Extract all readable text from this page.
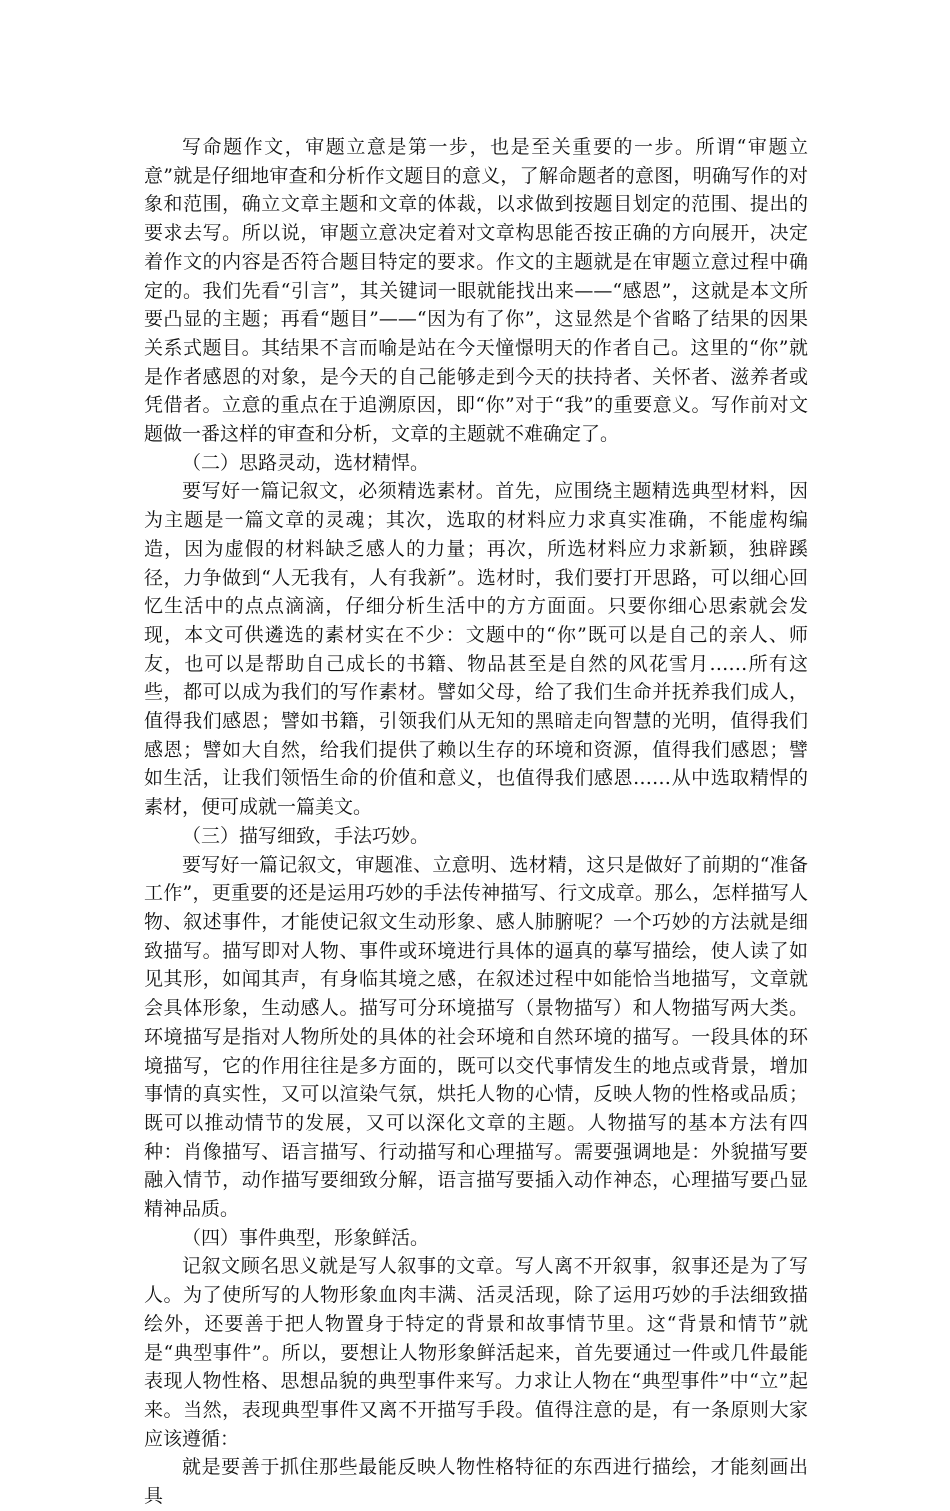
写命题作文，审题立意是第一步，也是至关重要的一步。所谓“审题立意”就是仔细地审查和分析作文题目的意义，了解命题者的意图，明确写作的对象和范围，确立文章主题和文章的体裁，以求做到按题目划定的范围、提出的要求去写。所以说，审题立意决定着对文章构思能否按正确的方向展开，决定着作文的内容是否符合题目特定的要求。作文的主题就是在审题立意过程中确定的。我们先看“引言”，其关键词一眼就能找出来——“感恩”，这就是本文所要凸显的主题；再看“题目”——“因为有了你”，这显然是个省略了结果的因果关系式题目。其结果不言而喻是站在今天憧憬明天的作者自己。这里的“你”就是作者感恩的对象，是今天的自己能够走到今天的扶持者、关怀者、滋养者或凭借者。立意的重点在于追溯原因，即“你”对于“我”的重要意义。写作前对文题做一番这样的审查和分析，文章的主题就不难确定了。

（二）思路灵动，选材精悍。

要写好一篇记叙文，必须精选素材。首先，应围绕主题精选典型材料，因为主题是一篇文章的灵魂；其次，选取的材料应力求真实准确，不能虚构编造，因为虚假的材料缺乏感人的力量；再次，所选材料应力求新颖，独辟蹊径，力争做到“人无我有，人有我新”。选材时，我们要打开思路，可以细心回忆生活中的点点滴滴，仔细分析生活中的方方面面。只要你细心思索就会发现，本文可供遴选的素材实在不少：文题中的“你”既可以是自己的亲人、师友，也可以是帮助自己成长的书籍、物品甚至是自然的风花雪月……所有这些，都可以成为我们的写作素材。譬如父母，给了我们生命并抚养我们成人，值得我们感恩；譬如书籍，引领我们从无知的黑暗走向智慧的光明，值得我们感恩；譬如大自然，给我们提供了赖以生存的环境和资源，值得我们感恩；譬如生活，让我们领悟生命的价值和意义，也值得我们感恩……从中选取精悍的素材，便可成就一篇美文。

（三）描写细致，手法巧妙。

要写好一篇记叙文，审题准、立意明、选材精，这只是做好了前期的“准备工作”，更重要的还是运用巧妙的手法传神描写、行文成章。那么，怎样描写人物、叙述事件，才能使记叙文生动形象、感人肺腑呢？一个巧妙的方法就是细致描写。描写即对人物、事件或环境进行具体的逼真的摹写描绘，使人读了如见其形，如闻其声，有身临其境之感，在叙述过程中如能恰当地描写，文章就会具体形象，生动感人。描写可分环境描写（景物描写）和人物描写两大类。环境描写是指对人物所处的具体的社会环境和自然环境的描写。一段具体的环境描写，它的作用往往是多方面的，既可以交代事情发生的地点或背景，增加事情的真实性，又可以渲染气氛，烘托人物的心情，反映人物的性格或品质；既可以推动情节的发展，又可以深化文章的主题。人物描写的基本方法有四种：肖像描写、语言描写、行动描写和心理描写。需要强调地是：外貌描写要融入情节，动作描写要细致分解，语言描写要插入动作神态，心理描写要凸显精神品质。

（四）事件典型，形象鲜活。

记叙文顾名思义就是写人叙事的文章。写人离不开叙事，叙事还是为了写人。为了使所写的人物形象血肉丰满、活灵活现，除了运用巧妙的手法细致描绘外，还要善于把人物置身于特定的背景和故事情节里。这“背景和情节”就是“典型事件”。所以，要想让人物形象鲜活起来，首先要通过一件或几件最能表现人物性格、思想品貌的典型事件来写。力求让人物在“典型事件”中“立”起来。当然，表现典型事件又离不开描写手段。值得注意的是，有一条原则大家应该遵循：

就是要善于抓住那些最能反映人物性格特征的东西进行描绘，才能刻画出具
